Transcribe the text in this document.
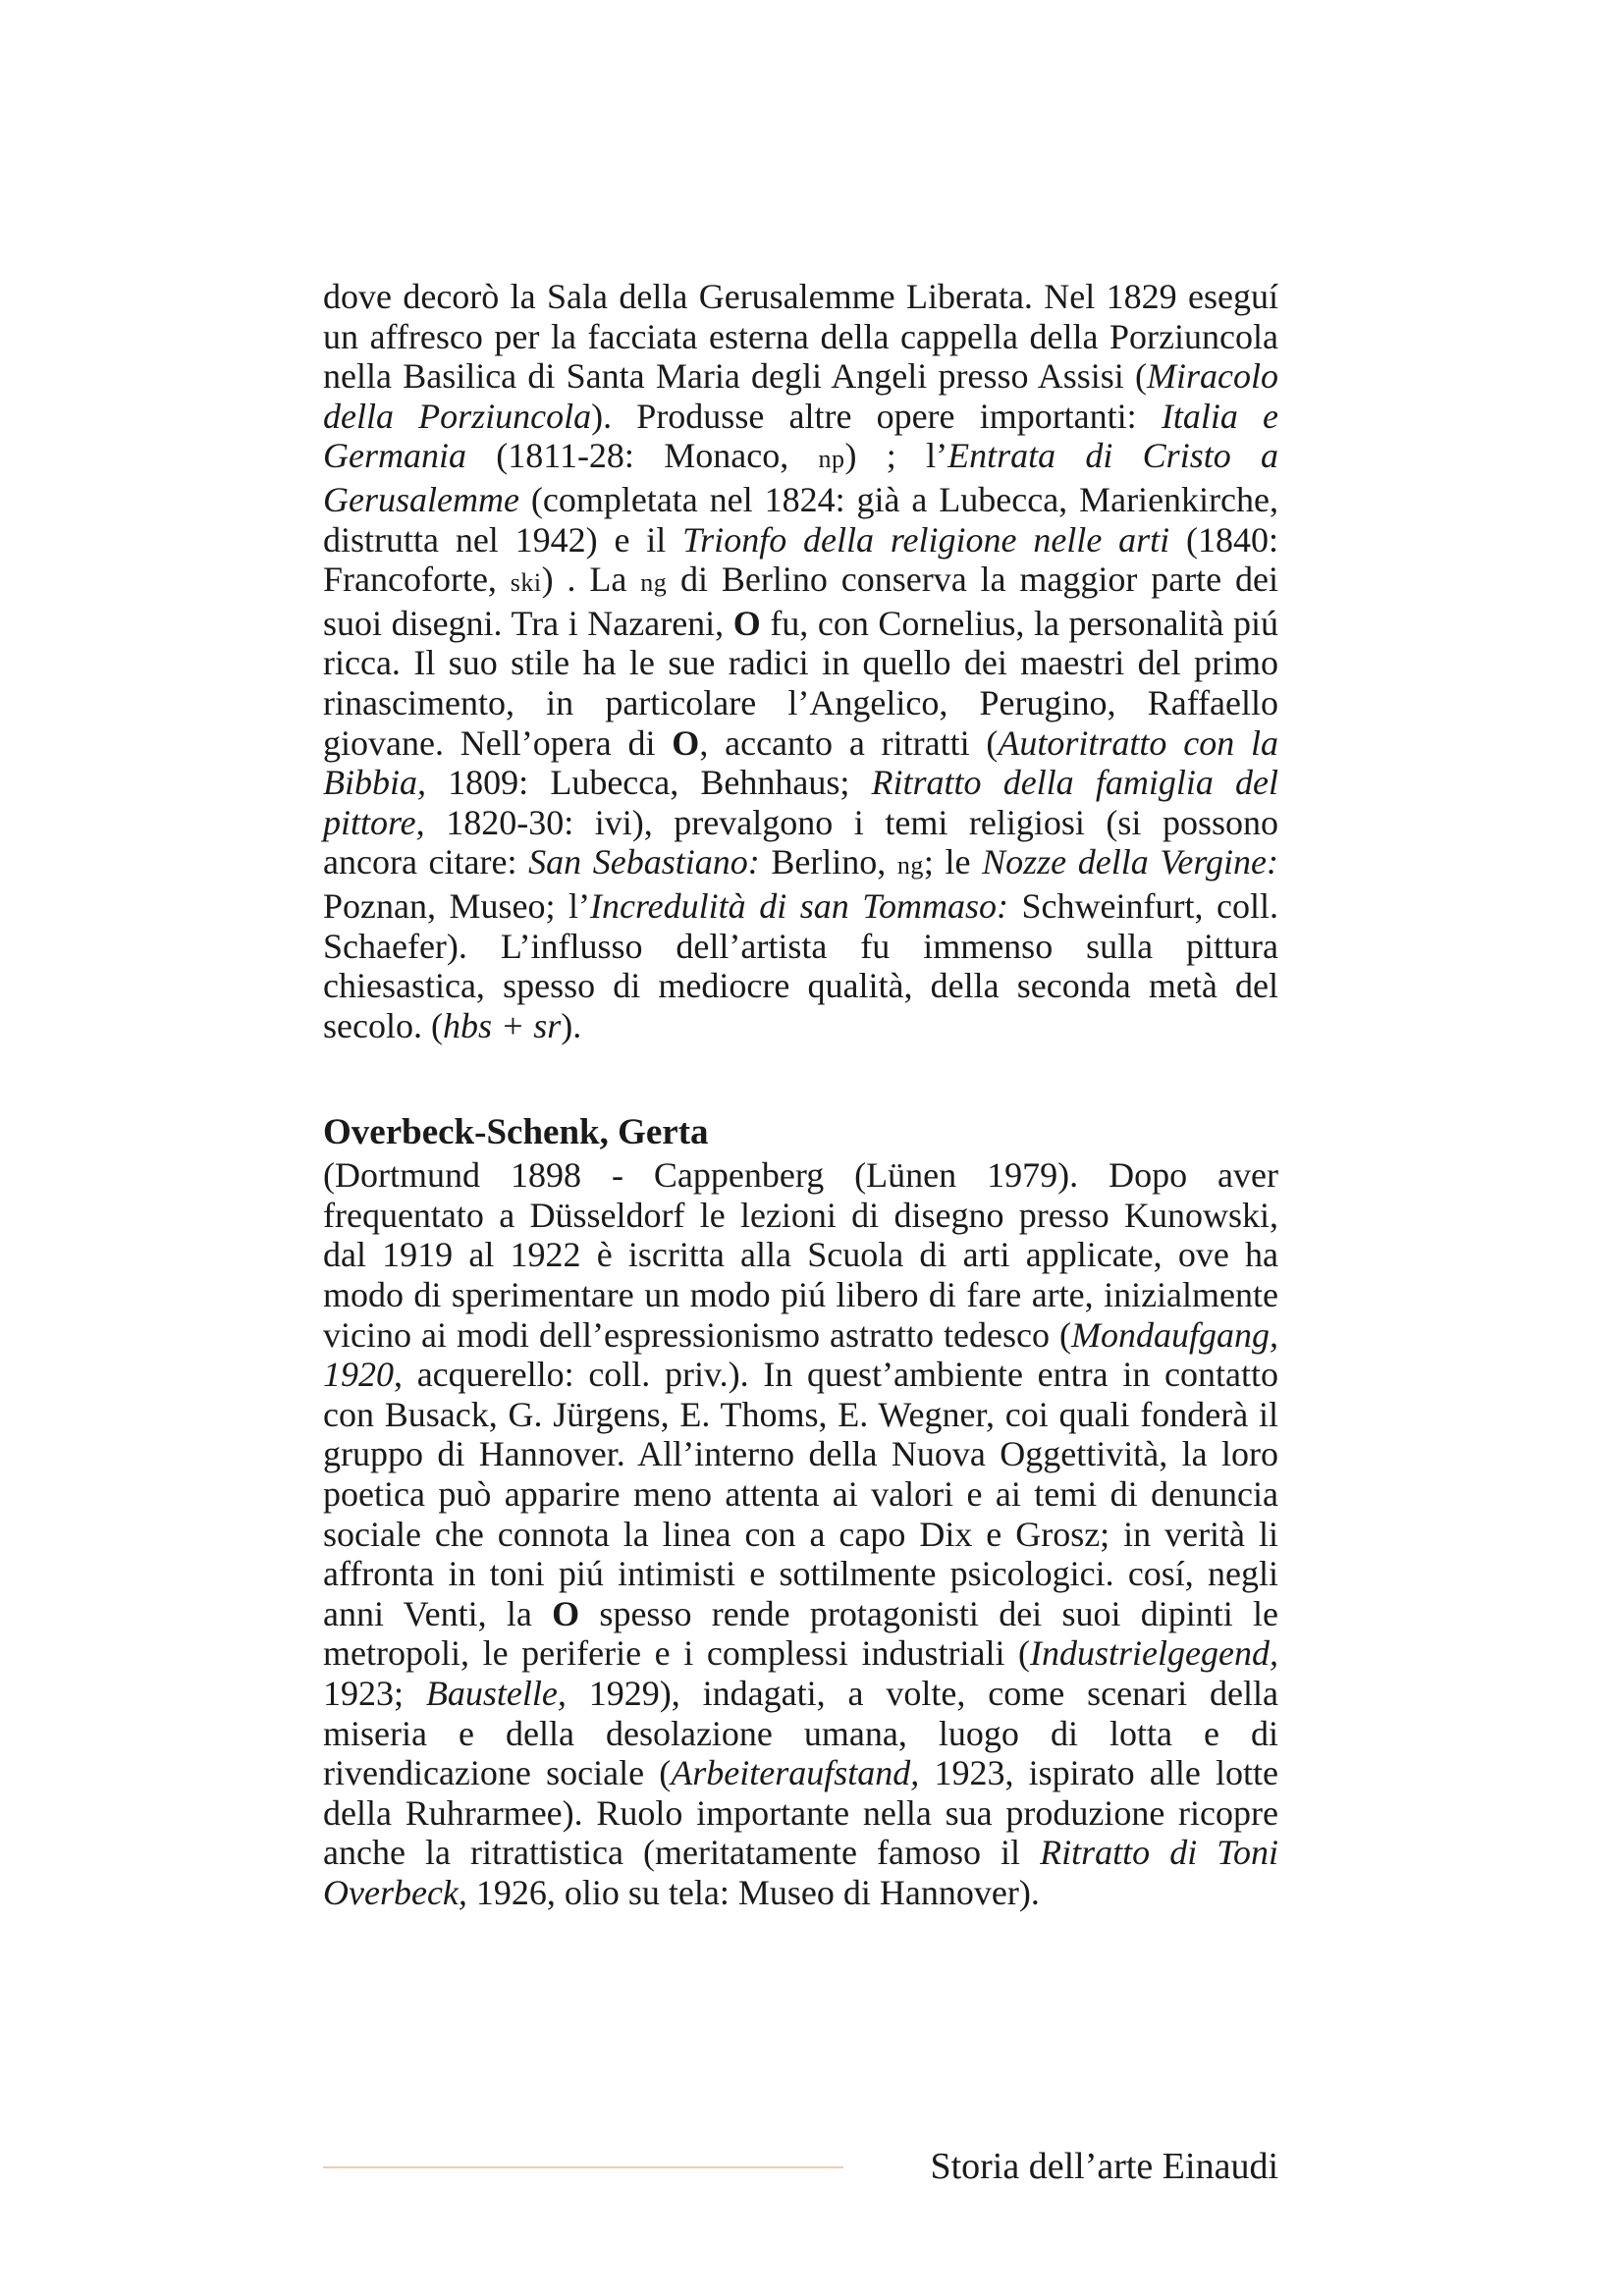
dove decorò la Sala della Gerusalemme Liberata. Nel 1829 eseguí un affresco per la facciata esterna della cappella della Porziuncola nella Basilica di Santa Maria degli Angeli presso Assisi (Miracolo della Porziuncola). Produsse altre opere importanti: Italia e Germania (1811-28: Monaco, np) ; l’Entrata di Cristo a Gerusalemme (completata nel 1824: già a Lubecca, Marienkirche, distrutta nel 1942) e il Trionfo della religione nelle arti (1840: Francoforte, ski) . La ng di Berlino conserva la maggior parte dei suoi disegni. Tra i Nazareni, O fu, con Cornelius, la personalità piú ricca. Il suo stile ha le sue radici in quello dei maestri del primo rinascimento, in particolare l’Angelico, Perugino, Raffaello giovane. Nell’opera di O, accanto a ritratti (Autoritratto con la Bibbia, 1809: Lubecca, Behnhaus; Ritratto della famiglia del pittore, 1820-30: ivi), prevalgono i temi religiosi (si possono ancora citare: San Sebastiano: Berlino, ng; le Nozze della Vergine: Poznan, Museo; l’Incredulità di san Tommaso: Schweinfurt, coll. Schaefer). L’influsso dell’artista fu immenso sulla pittura chiesastica, spesso di mediocre qualità, della seconda metà del secolo. (hbs + sr).

Overbeck-Schenk, Gerta

(Dortmund 1898 - Cappenberg (Lünen 1979). Dopo aver frequentato a Düsseldorf le lezioni di disegno presso Kunowski, dal 1919 al 1922 è iscritta alla Scuola di arti applicate, ove ha modo di sperimentare un modo piú libero di fare arte, inizialmente vicino ai modi dell’espressionismo astratto tedesco (Mondaufgang, 1920, acquerello: coll. priv.). In quest’ambiente entra in contatto con Busack, G. Jürgens, E. Thoms, E. Wegner, coi quali fonderà il gruppo di Hannover. All’interno della Nuova Oggettività, la loro poetica può apparire meno attenta ai valori e ai temi di denuncia sociale che connota la linea con a capo Dix e Grosz; in verità li affronta in toni piú intimisti e sottilmente psicologici. cosí, negli anni Venti, la O spesso rende protagonisti dei suoi dipinti le metropoli, le periferie e i complessi industriali (Industrielgegend, 1923; Baustelle, 1929), indagati, a volte, come scenari della miseria e della desolazione umana, luogo di lotta e di rivendicazione sociale (Arbeiteraufstand, 1923, ispirato alle lotte della Ruhrarmee). Ruolo importante nella sua produzione ricopre anche la ritrattistica (meritatamente famoso il Ritratto di Toni Overbeck, 1926, olio su tela: Museo di Hannover).

Storia dell’arte Einaudi
